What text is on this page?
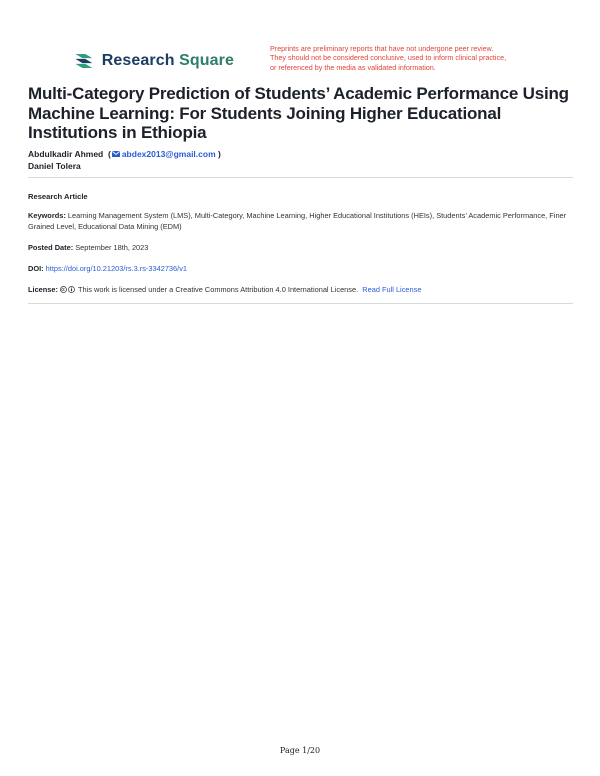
Research Square
Preprints are preliminary reports that have not undergone peer review.
They should not be considered conclusive, used to inform clinical practice,
or referenced by the media as validated information.
Multi-Category Prediction of Students’ Academic Performance Using Machine Learning: For Students Joining Higher Educational Institutions in Ethiopia
Abdulkadir Ahmed  ( abdex2013@gmail.com )
Daniel Tolera
Research Article
Keywords: Learning Management System (LMS), Multi-Category, Machine Learning, Higher Educational Institutions (HEIs), Students’ Academic Performance, Finer Grained Level, Educational Data Mining (EDM)
Posted Date: September 18th, 2023
DOI: https://doi.org/10.21203/rs.3.rs-3342736/v1
License:	This work is licensed under a Creative Commons Attribution 4.0 International License. Read Full License
Page 1/20
